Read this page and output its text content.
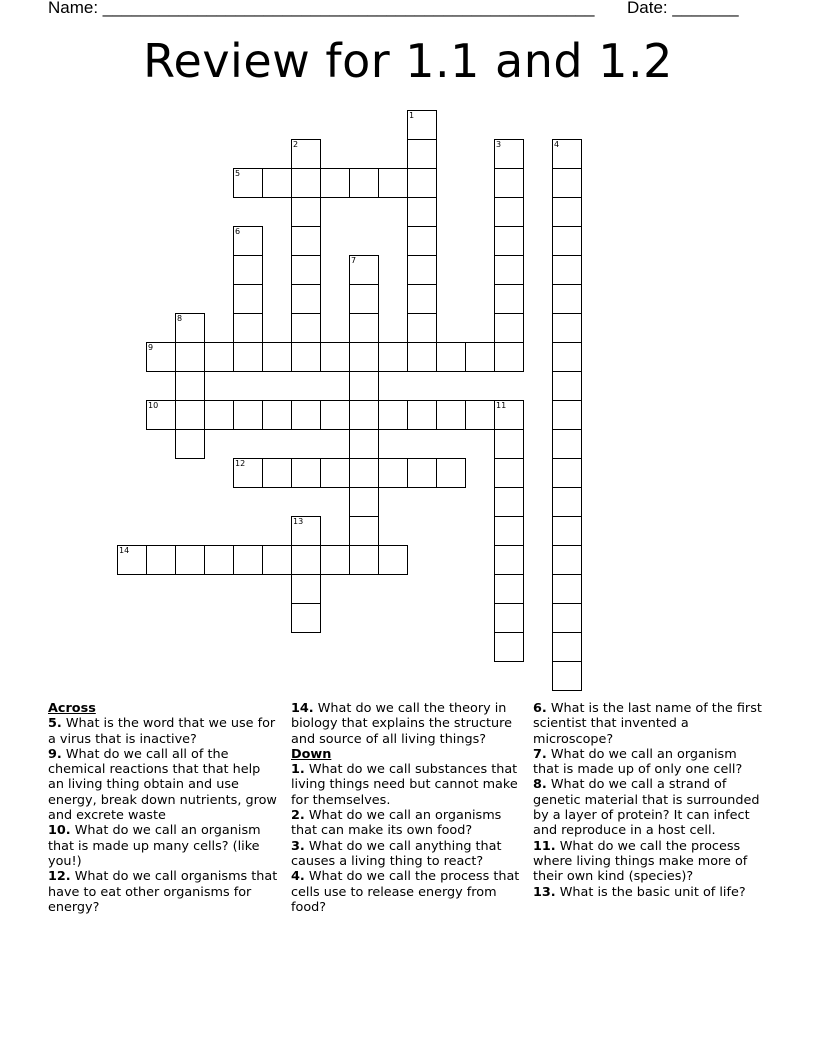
Name: ____________________________________________________ Date: _______
Review for 1.1 and 1.2
1
2	3	4
5
6
7
8
9
10	11
12
13
14
Across
5. What is the word that we use for a virus that is inactive?
9. What do we call all of the chemical reactions that that help an living thing obtain and use energy, break down nutrients, grow and excrete waste
10. What do we call an organism that is made up many cells? (like you!)
12. What do we call organisms that have to eat other organisms for energy?
14. What do we call the theory in biology that explains the structure and source of all living things?
Down
1. What do we call substances that living things need but cannot make for themselves.
2. What do we call an organisms that can make its own food?
3. What do we call anything that causes a living thing to react?
4. What do we call the process that cells use to release energy from food?
6. What is the last name of the first scientist that invented a microscope?
7. What do we call an organism that is made up of only one cell?
8. What do we call a strand of genetic material that is surrounded by a layer of protein? It can infect and reproduce in a host cell.
11. What do we call the process where living things make more of their own kind (species)?
13. What is the basic unit of life?
